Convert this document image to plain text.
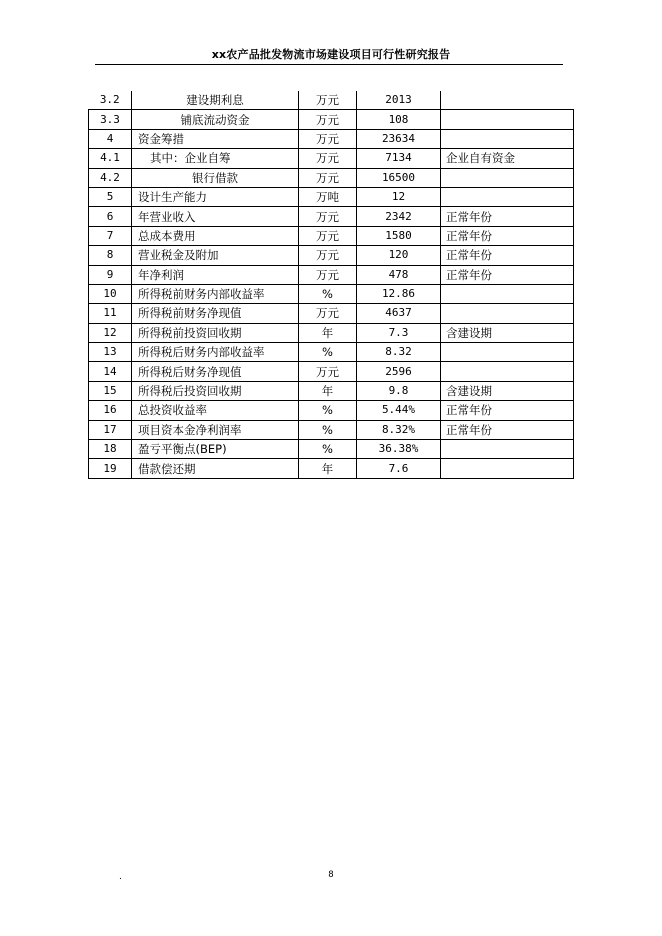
xx农产品批发物流市场建设项目可行性研究报告
3.2	建设期利息	万元	2013	
3.3	铺底流动资金	万元	108	
4	资金筹措	万元	23634	
4.1	其中：企业自筹	万元	7134	企业自有资金
4.2	银行借款	万元	16500	
5	设计生产能力	万吨	12	
6	年营业收入	万元	2342	正常年份
7	总成本费用	万元	1580	正常年份
8	营业税金及附加	万元	120	正常年份
9	年净利润	万元	478	正常年份
10	所得税前财务内部收益率	%	12.86	
11	所得税前财务净现值	万元	4637	
12	所得税前投资回收期	年	7.3	含建设期
13	所得税后财务内部收益率	%	8.32	
14	所得税后财务净现值	万元	2596	
15	所得税后投资回收期	年	9.8	含建设期
16	总投资收益率	%	5.44%	正常年份
17	项目资本金净利润率	%	8.32%	正常年份
18	盈亏平衡点(BEP)	%	36.38%	
19	借款偿还期	年	7.6	
.	8
